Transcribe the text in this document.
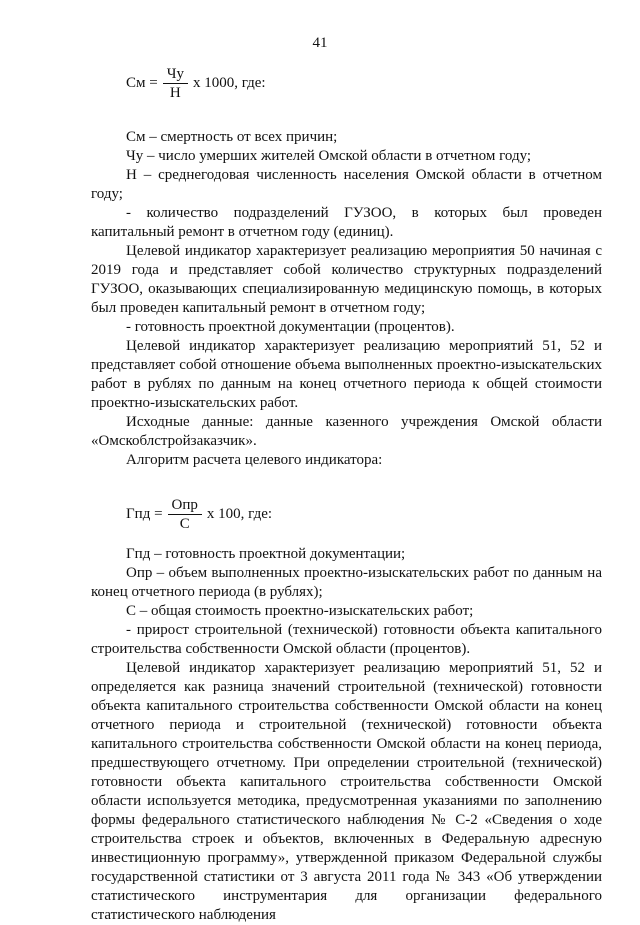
41
См = $\frac{Чу}{Н}$ x 1000, где:

См – смертность от всех причин;

Чу – число умерших жителей Омской области в отчетном году;

Н – среднегодовая численность населения Омской области в отчетном году;

- количество подразделений ГУЗОО, в которых был проведен капитальный ремонт в отчетном году (единиц).

Целевой индикатор характеризует реализацию мероприятия 50 начиная с 2019 года и представляет собой количество структурных подразделений ГУЗОО, оказывающих специализированную медицинскую помощь, в которых был проведен капитальный ремонт в отчетном году;

- готовность проектной документации (процентов).

Целевой индикатор характеризует реализацию мероприятий 51, 52 и представляет собой отношение объема выполненных проектно-изыскательских работ в рублях по данным на конец отчетного периода к общей стоимости проектно-изыскательских работ.

Исходные данные: данные казенного учреждения Омской области «Омскоблстройзаказчик».

Алгоритм расчета целевого индикатора:

Гпд = $\frac{\text{Опр}}{С}$ x 100, где:

Гпд – готовность проектной документации;

Опр – объем выполненных проектно-изыскательских работ по данным на конец отчетного периода (в рублях);

С – общая стоимость проектно-изыскательских работ;

- прирост строительной (технической) готовности объекта капитального строительства собственности Омской области (процентов).

Целевой индикатор характеризует реализацию мероприятий 51, 52 и определяется как разница значений строительной (технической) готовности объекта капитального строительства собственности Омской области на конец отчетного периода и строительной (технической) готовности объекта капитального строительства собственности Омской области на конец периода, предшествующего отчетному. При определении строительной (технической) готовности объекта капитального строительства собственности Омской области используется методика, предусмотренная указаниями по заполнению формы федерального статистического наблюдения № С-2 «Сведения о ходе строительства строек и объектов, включенных в Федеральную адресную инвестиционную программу», утвержденной приказом Федеральной службы государственной статистики от 3 августа 2011 года № 343 «Об утверждении статистического инструментария для организации федерального статистического наблюдения
